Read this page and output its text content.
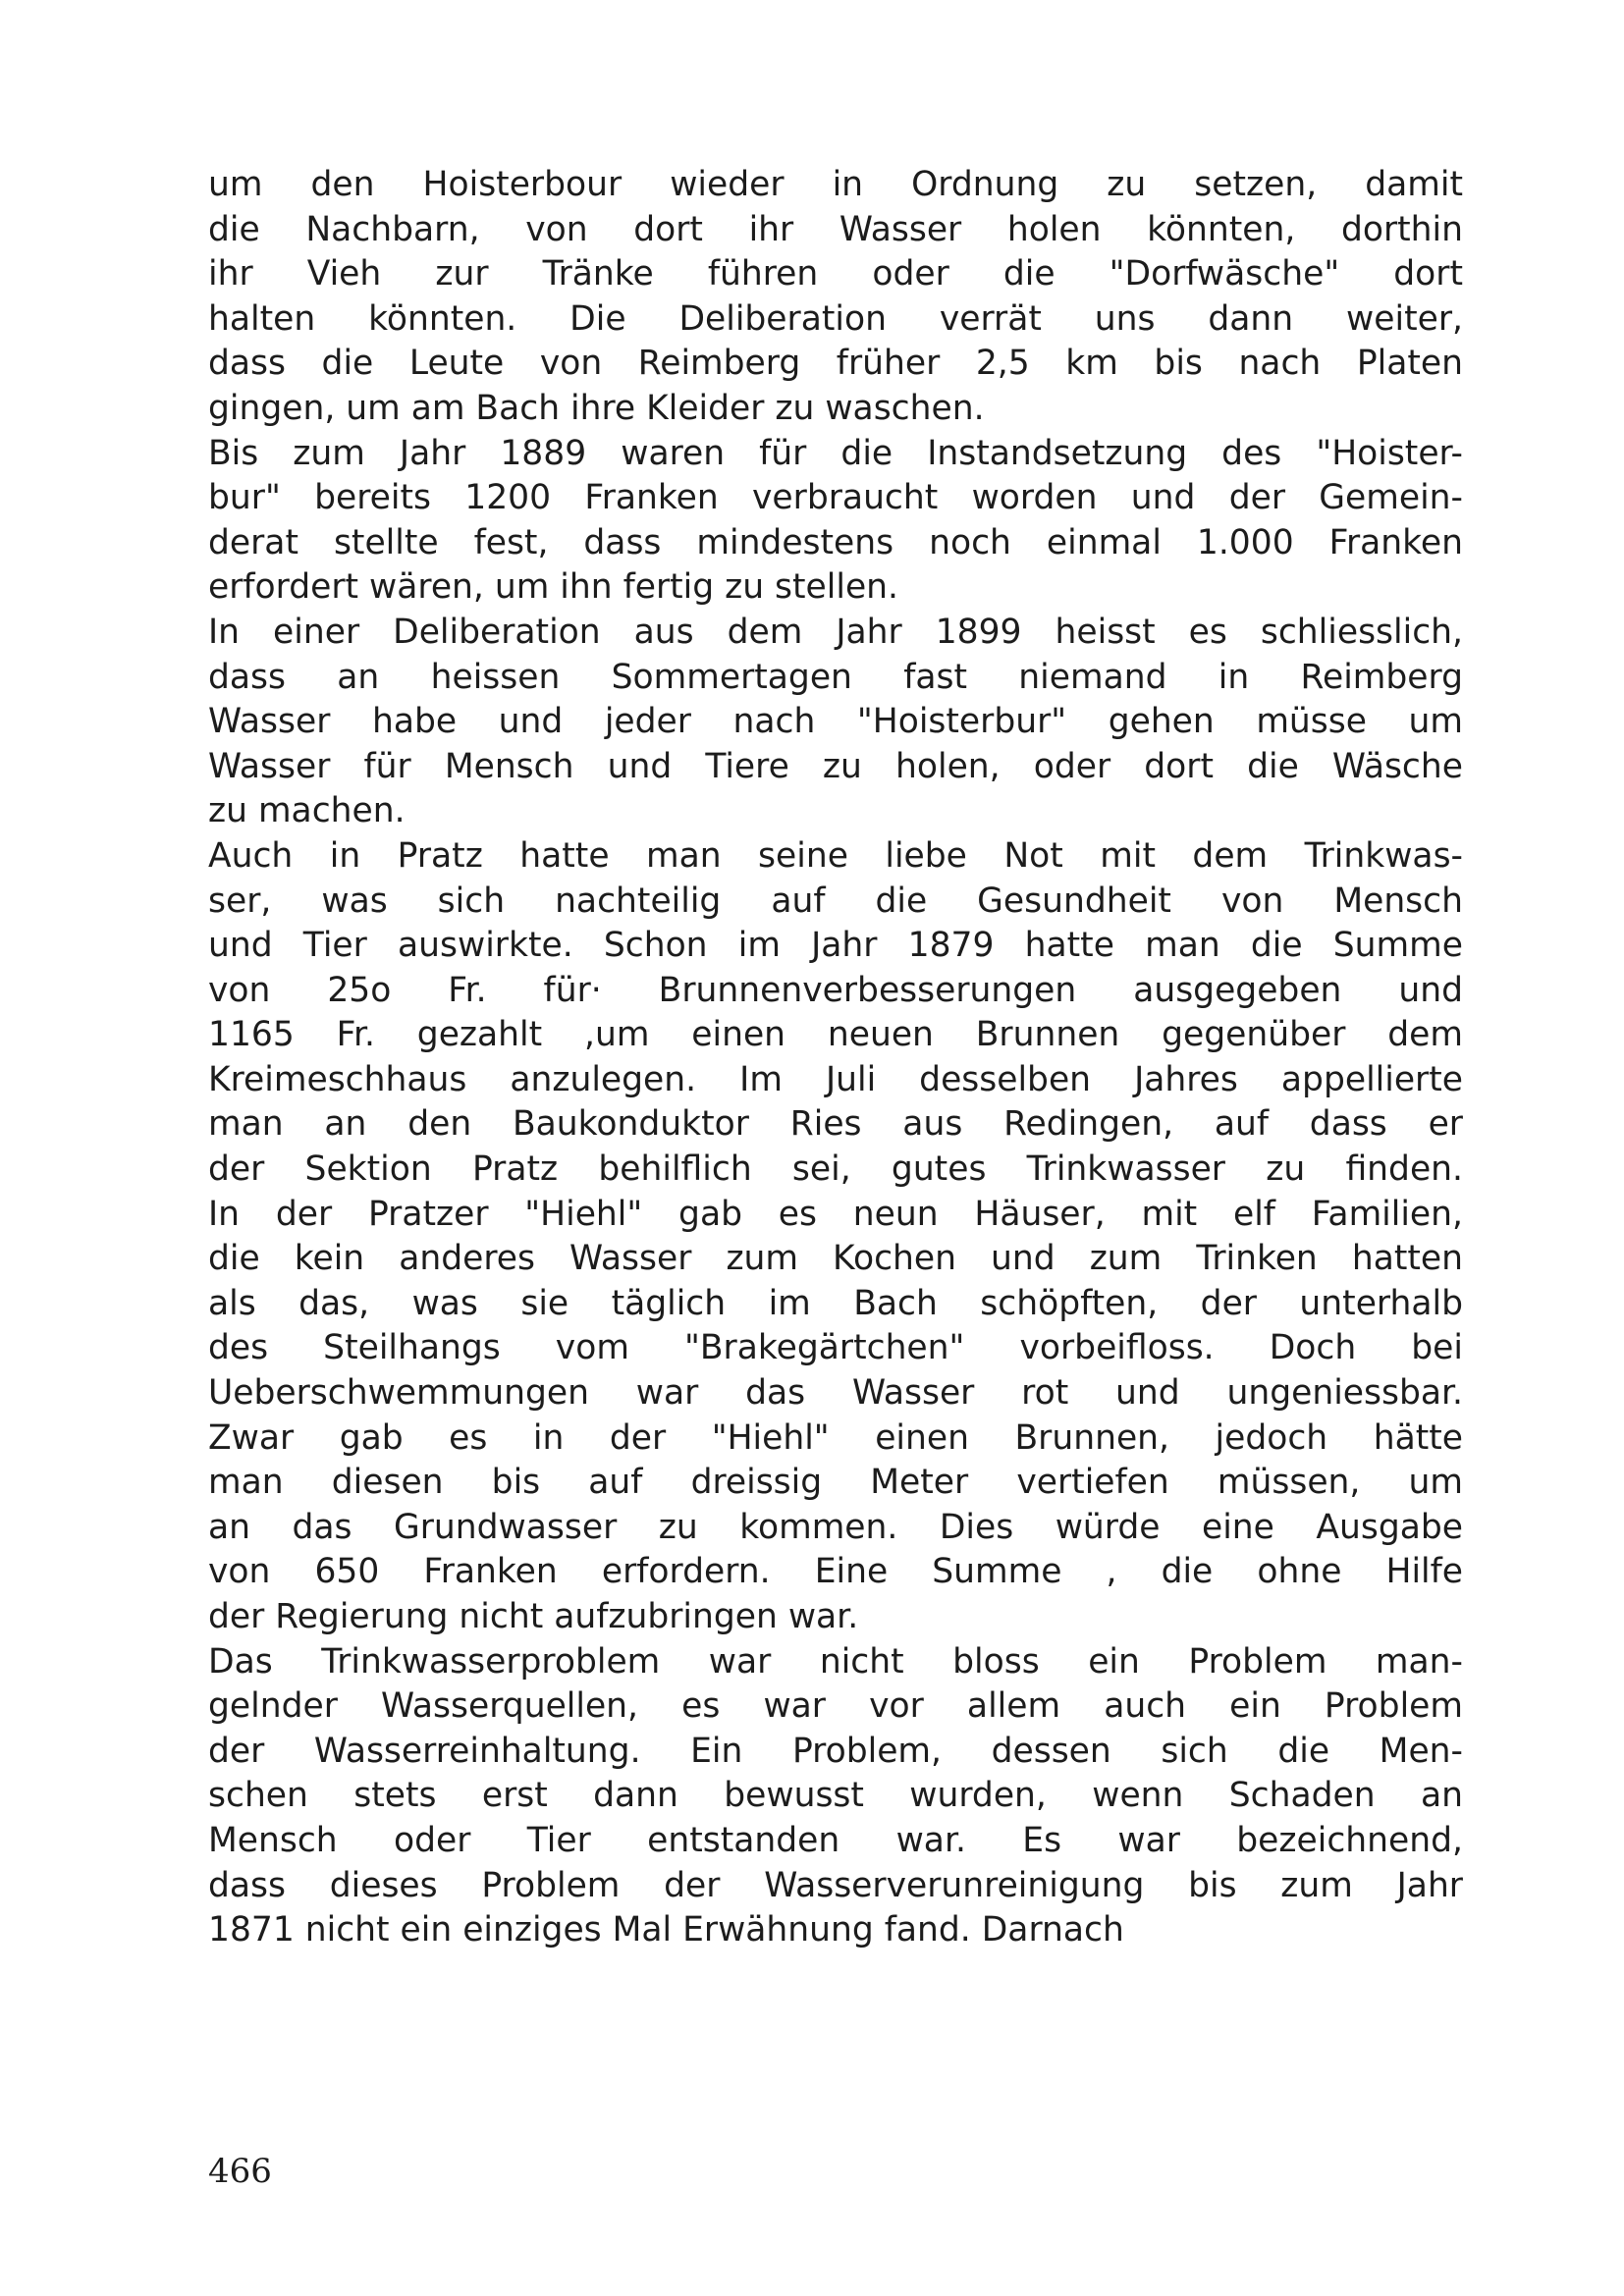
um den Hoisterbour wieder in Ordnung zu setzen, damit
die Nachbarn, von dort ihr Wasser holen könnten, dorthin
ihr Vieh zur Tränke führen oder die "Dorfwäsche" dort
halten könnten. Die Deliberation verrät uns dann weiter,
dass die Leute von Reimberg früher 2,5 km bis nach Platen
gingen, um am Bach ihre Kleider zu waschen.
Bis zum Jahr 1889 waren für die Instandsetzung des "Hoister-
bur" bereits 1200 Franken verbraucht worden und der Gemein-
derat stellte fest, dass mindestens noch einmal 1.000 Franken
erfordert wären, um ihn fertig zu stellen.
In einer Deliberation aus dem Jahr 1899 heisst es schliesslich,
dass an heissen Sommertagen fast niemand in Reimberg
Wasser habe und jeder nach "Hoisterbur" gehen müsse um
Wasser für Mensch und Tiere zu holen, oder dort die Wäsche
zu machen.
Auch in Pratz hatte man seine liebe Not mit dem Trinkwas-
ser, was sich nachteilig auf die Gesundheit von Mensch
und Tier auswirkte. Schon im Jahr 1879 hatte man die Summe
von 25o Fr. für· Brunnenverbesserungen ausgegeben und
1165 Fr. gezahlt ,um einen neuen Brunnen gegenüber dem
Kreimeschhaus anzulegen. Im Juli desselben Jahres appellierte
man an den Baukonduktor Ries aus Redingen, auf dass er
der Sektion Pratz behilflich sei, gutes Trinkwasser zu finden.
In der Pratzer "Hiehl" gab es neun Häuser, mit elf Familien,
die kein anderes Wasser zum Kochen und zum Trinken hatten
als das, was sie täglich im Bach schöpften, der unterhalb
des Steilhangs vom "Brakegärtchen" vorbeifloss. Doch bei
Ueberschwemmungen war das Wasser rot und ungeniessbar.
Zwar gab es in der "Hiehl" einen Brunnen, jedoch hätte
man diesen bis auf dreissig Meter vertiefen müssen, um
an das Grundwasser zu kommen. Dies würde eine Ausgabe
von 650 Franken erfordern. Eine Summe , die ohne Hilfe
der Regierung nicht aufzubringen war.
Das Trinkwasserproblem war nicht bloss ein Problem man-
gelnder Wasserquellen, es war vor allem auch ein Problem
der Wasserreinhaltung. Ein Problem, dessen sich die Men-
schen stets erst dann bewusst wurden, wenn Schaden an
Mensch oder Tier entstanden war. Es war bezeichnend,
dass dieses Problem der Wasserverunreinigung bis zum Jahr
1871 nicht ein einziges Mal Erwähnung fand. Darnach
466
